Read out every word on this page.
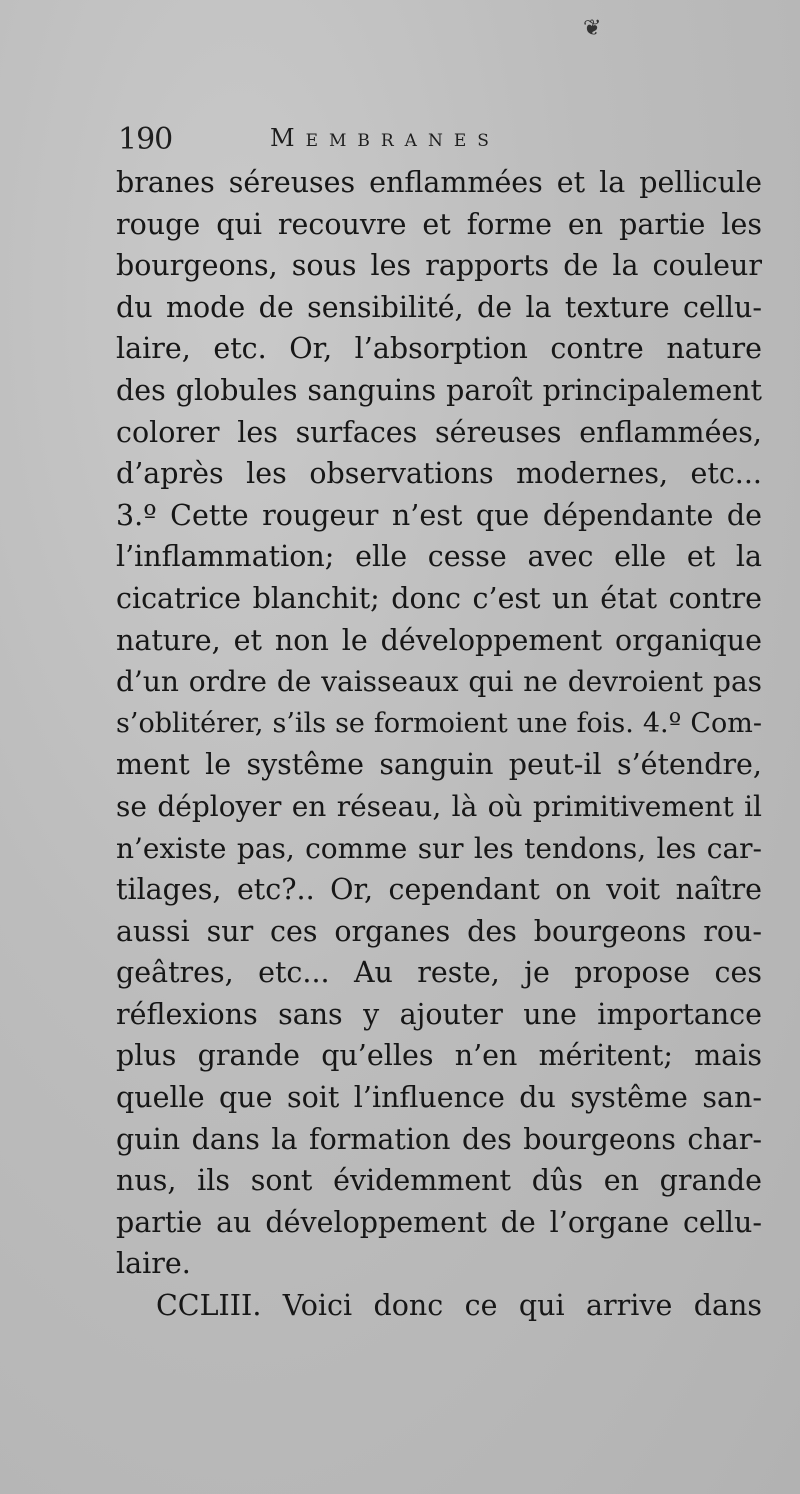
❦
190	Membranes
branes séreuses enflammées et la pellicule
rouge qui recouvre et forme en partie les
bourgeons, sous les rapports de la couleur
du mode de sensibilité, de la texture cellu-
laire, etc. Or, l’absorption contre nature
des globules sanguins paroît principalement
colorer les surfaces séreuses enflammées,
d’après les observations modernes, etc...
3.º Cette rougeur n’est que dépendante de
l’inflammation; elle cesse avec elle et la
cicatrice blanchit; donc c’est un état contre
nature, et non le développement organique
d’un ordre de vaisseaux qui ne devroient pas
s’oblitérer, s’ils se formoient une fois. 4.º Com-
ment le systême sanguin peut-il s’étendre,
se déployer en réseau, là où primitivement il
n’existe pas, comme sur les tendons, les car-
tilages, etc?.. Or, cependant on voit naître
aussi sur ces organes des bourgeons rou-
geâtres, etc... Au reste, je propose ces
réflexions sans y ajouter une importance
plus grande qu’elles n’en méritent; mais
quelle que soit l’influence du systême san-
guin dans la formation des bourgeons char-
nus, ils sont évidemment dûs en grande
partie au développement de l’organe cellu-
laire.
CCLIII. Voici donc ce qui arrive dans
